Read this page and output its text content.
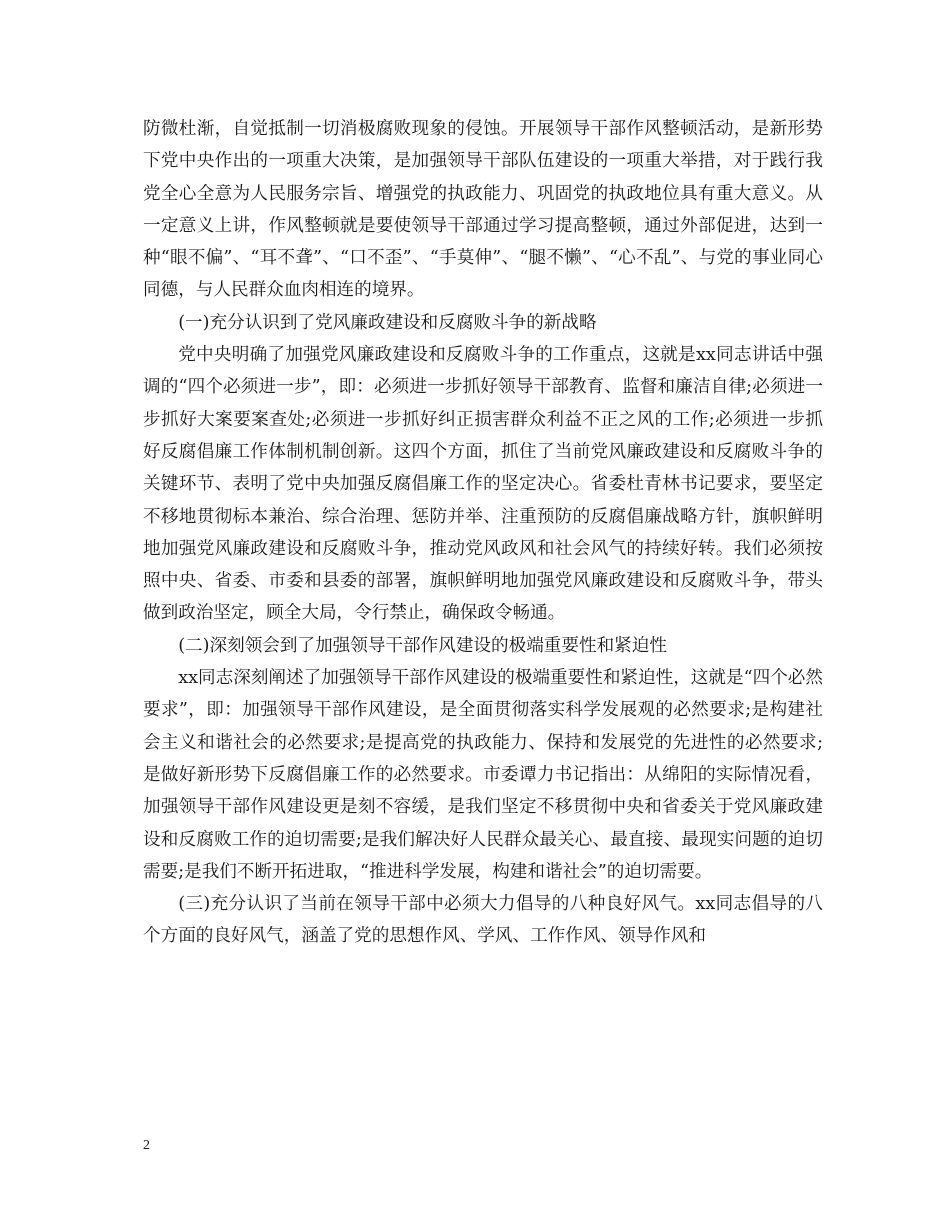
防微杜渐，自觉抵制一切消极腐败现象的侵蚀。开展领导干部作风整顿活动，是新形势下党中央作出的一项重大决策，是加强领导干部队伍建设的一项重大举措，对于践行我党全心全意为人民服务宗旨、增强党的执政能力、巩固党的执政地位具有重大意义。从一定意义上讲，作风整顿就是要使领导干部通过学习提高整顿，通过外部促进，达到一种“眼不偏”、“耳不聋”、“口不歪”、“手莫伸”、“腿不懒”、“心不乱”、与党的事业同心同德，与人民群众血肉相连的境界。

(一)充分认识到了党风廉政建设和反腐败斗争的新战略

党中央明确了加强党风廉政建设和反腐败斗争的工作重点，这就是xx同志讲话中强调的“四个必须进一步”，即：必须进一步抓好领导干部教育、监督和廉洁自律;必须进一步抓好大案要案查处;必须进一步抓好纠正损害群众利益不正之风的工作;必须进一步抓好反腐倡廉工作体制机制创新。这四个方面，抓住了当前党风廉政建设和反腐败斗争的关键环节、表明了党中央加强反腐倡廉工作的坚定决心。省委杜青林书记要求，要坚定不移地贯彻标本兼治、综合治理、惩防并举、注重预防的反腐倡廉战略方针，旗帜鲜明地加强党风廉政建设和反腐败斗争，推动党风政风和社会风气的持续好转。我们必须按照中央、省委、市委和县委的部署，旗帜鲜明地加强党风廉政建设和反腐败斗争，带头做到政治坚定，顾全大局，令行禁止，确保政令畅通。

(二)深刻领会到了加强领导干部作风建设的极端重要性和紧迫性

xx同志深刻阐述了加强领导干部作风建设的极端重要性和紧迫性，这就是“四个必然要求”，即：加强领导干部作风建设，是全面贯彻落实科学发展观的必然要求;是构建社会主义和谐社会的必然要求;是提高党的执政能力、保持和发展党的先进性的必然要求;是做好新形势下反腐倡廉工作的必然要求。市委谭力书记指出：从绵阳的实际情况看，加强领导干部作风建设更是刻不容缓，是我们坚定不移贯彻中央和省委关于党风廉政建设和反腐败工作的迫切需要;是我们解决好人民群众最关心、最直接、最现实问题的迫切需要;是我们不断开拓进取，“推进科学发展，构建和谐社会”的迫切需要。

(三)充分认识了当前在领导干部中必须大力倡导的八种良好风气。xx同志倡导的八个方面的良好风气，涵盖了党的思想作风、学风、工作作风、领导作风和

2
